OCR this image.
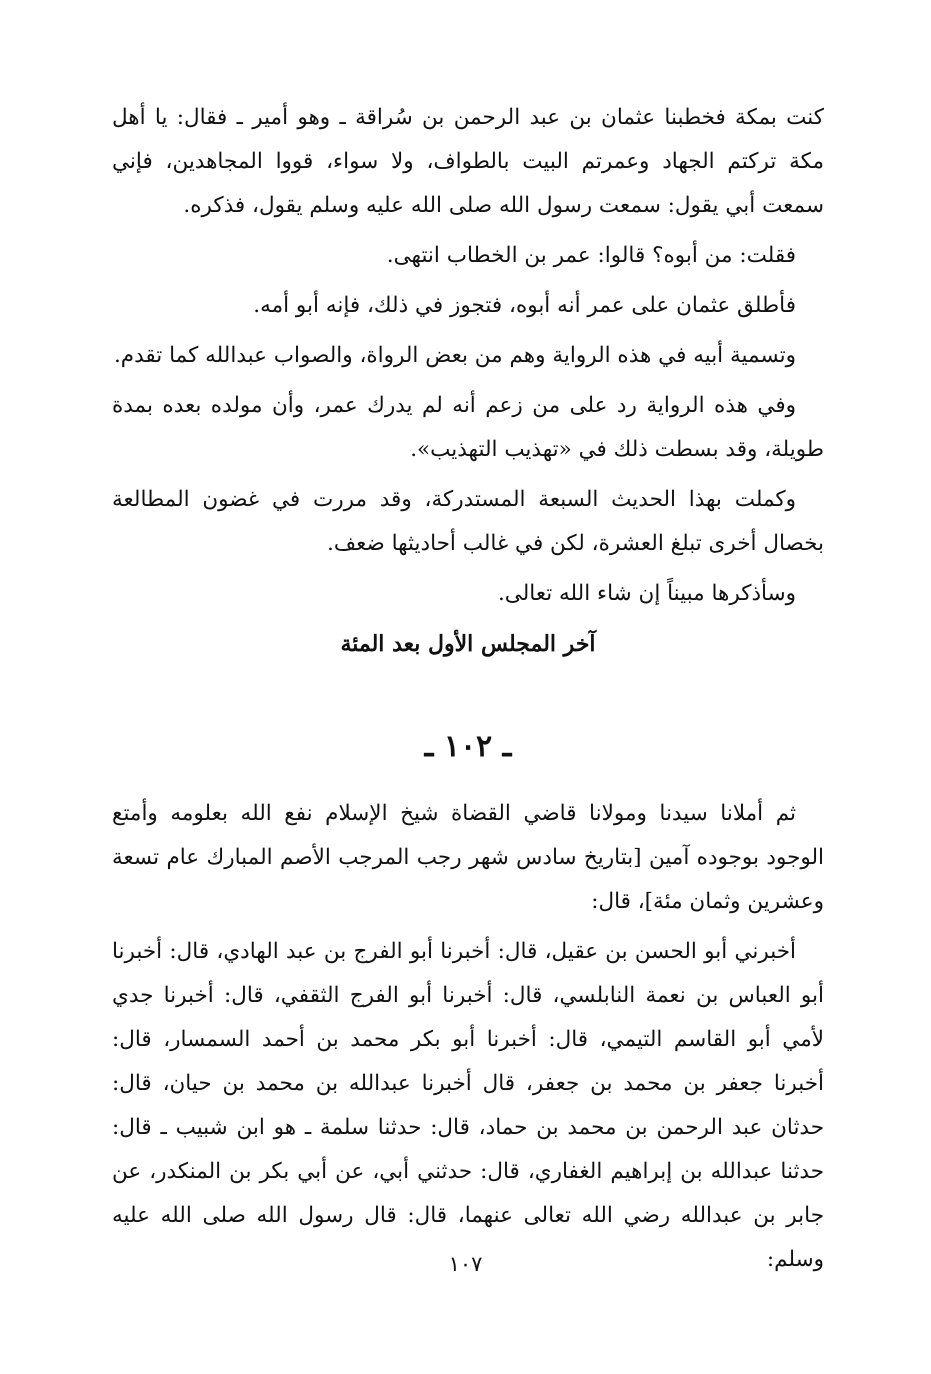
كنت بمكة فخطبنا عثمان بن عبد الرحمن بن سُراقة ـ وهو أمير ـ فقال: يا أهل مكة تركتم الجهاد وعمرتم البيت بالطواف، ولا سواء، قووا المجاهدين، فإني سمعت أبي يقول: سمعت رسول الله صلى الله عليه وسلم يقول، فذكره.

فقلت: من أبوه؟ قالوا: عمر بن الخطاب انتهى.

فأطلق عثمان على عمر أنه أبوه، فتجوز في ذلك، فإنه أبو أمه.

وتسمية أبيه في هذه الرواية وهم من بعض الرواة، والصواب عبدالله كما تقدم.

وفي هذه الرواية رد على من زعم أنه لم يدرك عمر، وأن مولده بعده بمدة طويلة، وقد بسطت ذلك في «تهذيب التهذيب».

وكملت بهذا الحديث السبعة المستدركة، وقد مررت في غضون المطالعة بخصال أخرى تبلغ العشرة، لكن في غالب أحاديثها ضعف.

وسأذكرها مبيناً إن شاء الله تعالى.

آخر المجلس الأول بعد المئة
ـ ١٠٢ ـ

ثم أملانا سيدنا ومولانا قاضي القضاة شيخ الإسلام نفع الله بعلومه وأمتع الوجود بوجوده آمين [بتاريخ سادس شهر رجب المرجب الأصم المبارك عام تسعة وعشرين وثمان مئة]، قال:

أخبرني أبو الحسن بن عقيل، قال: أخبرنا أبو الفرج بن عبد الهادي، قال: أخبرنا أبو العباس بن نعمة النابلسي، قال: أخبرنا أبو الفرج الثقفي، قال: أخبرنا جدي لأمي أبو القاسم التيمي، قال: أخبرنا أبو بكر محمد بن أحمد السمسار، قال: أخبرنا جعفر بن محمد بن جعفر، قال أخبرنا عبدالله بن محمد بن حيان، قال: حدثان عبد الرحمن بن محمد بن حماد، قال: حدثنا سلمة ـ هو ابن شبيب ـ قال: حدثنا عبدالله بن إبراهيم الغفاري، قال: حدثني أبي، عن أبي بكر بن المنكدر، عن جابر بن عبدالله رضي الله تعالى عنهما، قال: قال رسول الله صلى الله عليه وسلم:

١٠٧
